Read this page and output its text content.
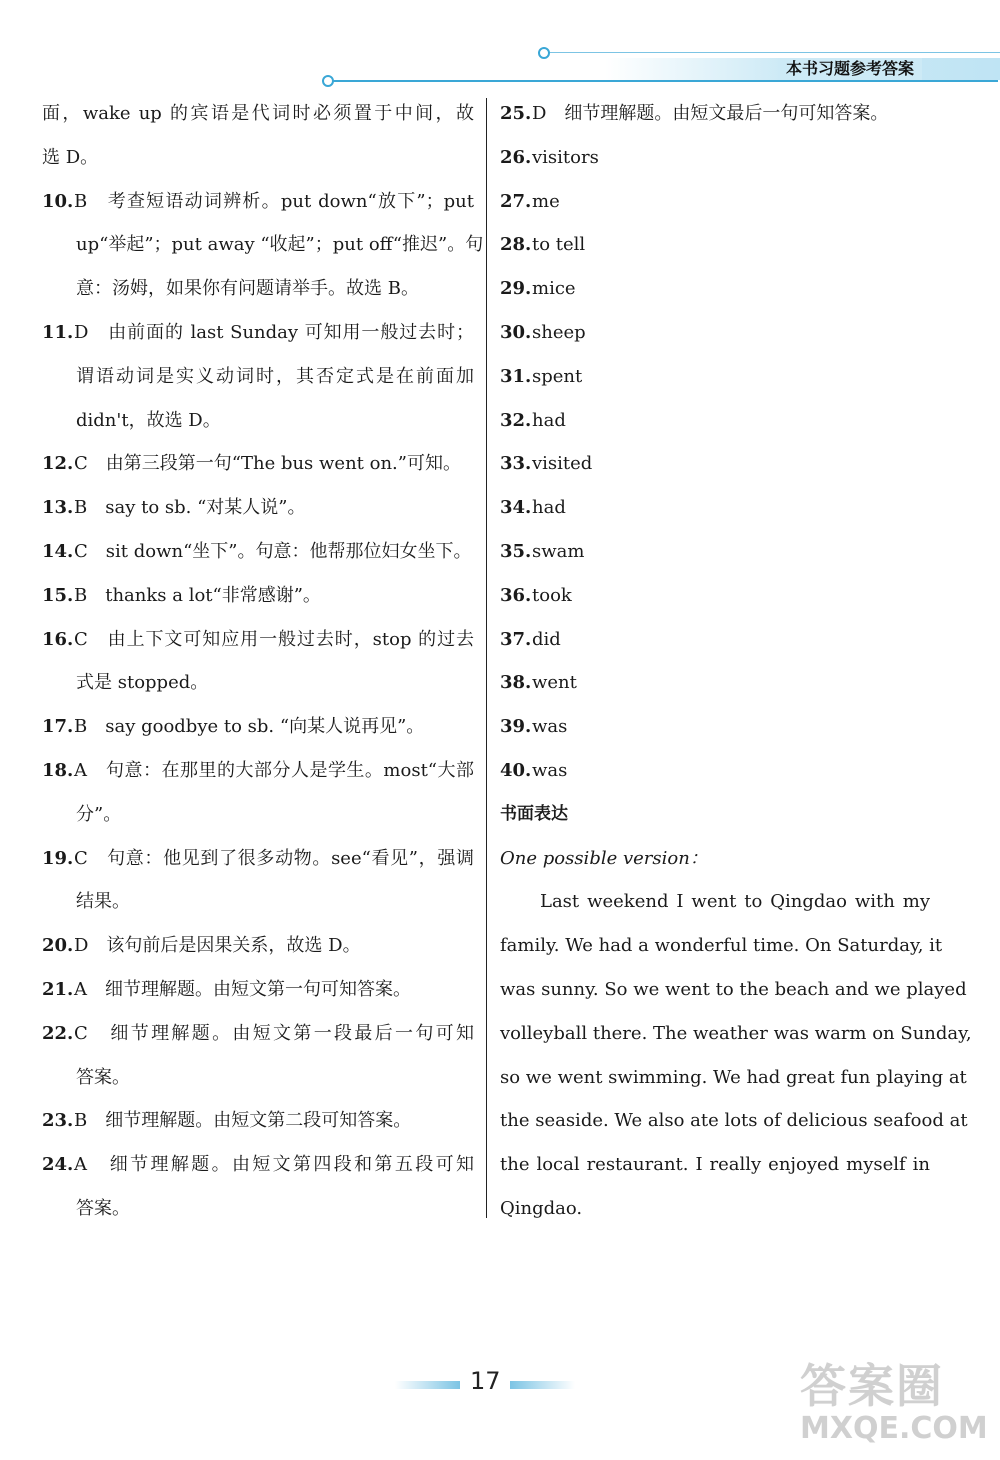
本书习题参考答案
面，wake up 的宾语是代词时必须置于中间，故
选 D。
10. B　考查短语动词辨析。put down“放下”；put
up“举起”；put away “收起”；put off“推迟”。句
意：汤姆，如果你有问题请举手。故选 B。
11. D　由前面的 last Sunday 可知用一般过去时；
谓语动词是实义动词时，其否定式是在前面加
didn't，故选 D。
12. C　由第三段第一句“The bus went on.”可知。
13. B　say to sb. “对某人说”。
14. C　sit down“坐下”。句意：他帮那位妇女坐下。
15. B　thanks a lot“非常感谢”。
16. C　由上下文可知应用一般过去时，stop 的过去
式是 stopped。
17. B　say goodbye to sb. “向某人说再见”。
18. A　句意：在那里的大部分人是学生。most“大部
分”。
19. C　句意：他见到了很多动物。see“看见”，强调
结果。
20. D　该句前后是因果关系，故选 D。
21. A　细节理解题。由短文第一句可知答案。
22. C　细节理解题。由短文第一段最后一句可知
答案。
23. B　细节理解题。由短文第二段可知答案。
24. A　细节理解题。由短文第四段和第五段可知
答案。
25. D　细节理解题。由短文最后一句可知答案。
26. visitors
27. me
28. to tell
29. mice
30. sheep
31. spent
32. had
33. visited
34. had
35. swam
36. took
37. did
38. went
39. was
40. was
书面表达
One possible version：
Last weekend I went to Qingdao with my
family. We had a wonderful time. On Saturday, it
was sunny. So we went to the beach and we played
volleyball there. The weather was warm on Sunday,
so we went swimming. We had great fun playing at
the seaside. We also ate lots of delicious seafood at
the local restaurant. I really enjoyed myself in
Qingdao.
17	答案圈
MXQE.COM
